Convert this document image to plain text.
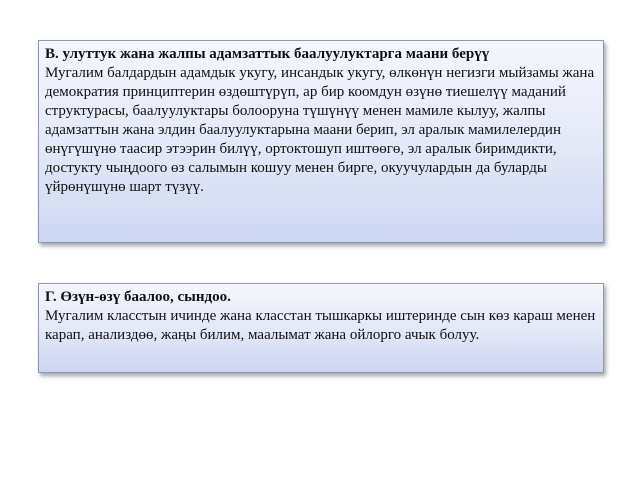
В. улуттук жана жалпы адамзаттык баалуулуктарга маани берүү
Мугалим балдардын адамдык укугу, инсандык укугу, өлкөнүн негизги мыйзамы жана демократия принциптерин өздөштүрүп, ар бир коомдун өзүнө тиешелүү маданий структурасы, баалуулуктары болооруна түшүнүү менен мамиле кылуу, жалпы адамзаттын жана элдин баалуулуктарына маани берип, эл аралык мамилелердин өнүгүшүнө таасир этээрин билүү, ортоктошуп иштөөгө, эл аралык биримдикти, достукту чыңдоого өз салымын кошуу менен бирге, окуучулардын да буларды үйрөнүшүнө шарт түзүү.
Г. Өзүн-өзү баалоо, сындоо.
Мугалим класстын ичинде жана класстан тышкаркы иштеринде сын көз караш менен карап, анализдөө, жаңы билим, маалымат жана ойлорго ачык болуу.
